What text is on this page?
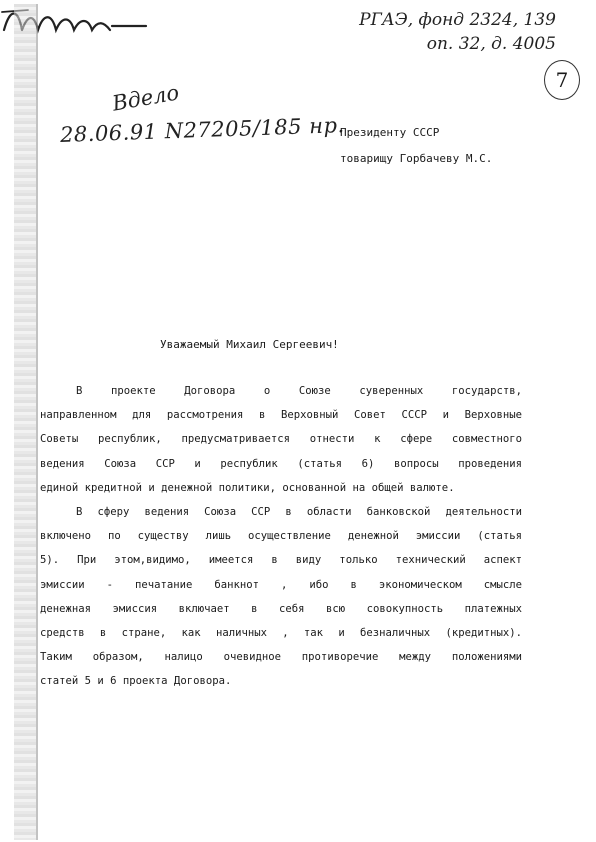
РГАЭ, фонд 2324, 139
оп. 32, д. 4005
7
Вдело
28.06.91 N27205/185 нр.
Президенту СССР
товарищу Горбачеву М.С.
Уважаемый Михаил Сергеевич!

В проекте Договора о Союзе суверенных государств,

направленном для рассмотрения в Верховный Совет СССР и Верховные

Советы республик, предусматривается отнести к сфере совместного

ведения Союза ССР и республик (статья 6) вопросы проведения

единой кредитной и денежной политики, основанной на общей валюте.

В сферу ведения Союза ССР в области банковской деятельности

включено по существу лишь осуществление денежной эмиссии (статья

5). При этом,видимо, имеется в виду только технический аспект

эмиссии - печатание банкнот , ибо в экономическом смысле

денежная эмиссия включает в себя всю совокупность платежных

средств в стране, как наличных , так и безналичных (кредитных).

Таким образом, налицо очевидное противоречие между положениями

статей 5 и 6 проекта Договора.
